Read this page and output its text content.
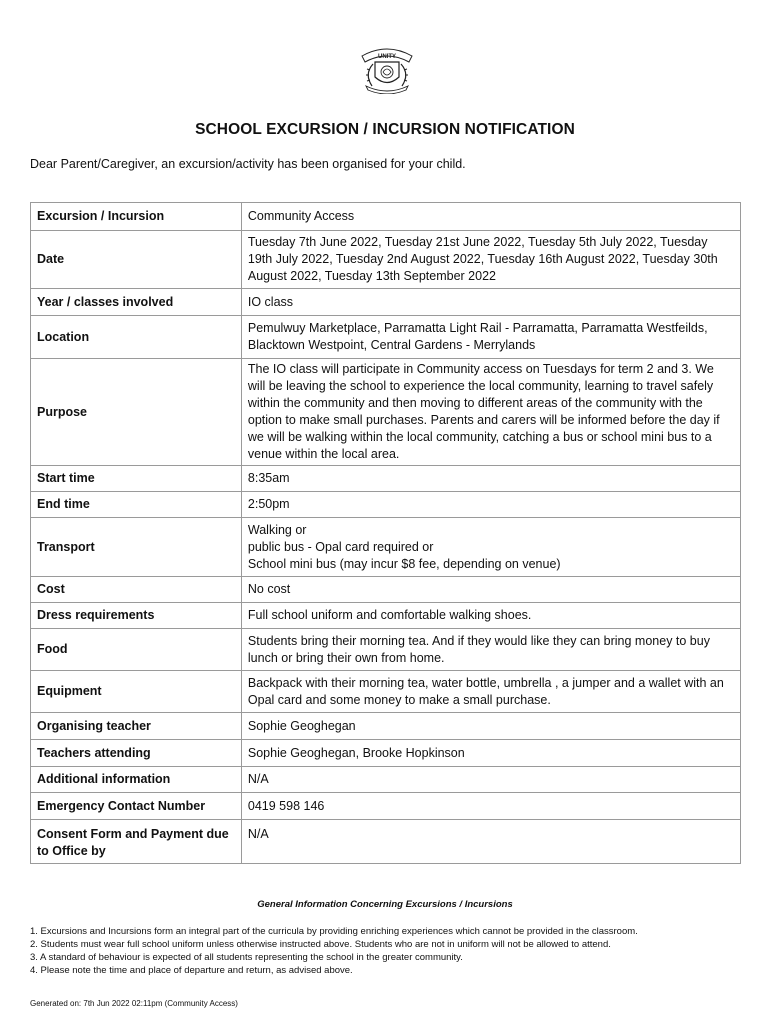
UNITY
SCHOOL EXCURSION / INCURSION NOTIFICATION
Dear Parent/Caregiver, an excursion/activity has been organised for your child.
Excursion / Incursion	Community Access
Date	Tuesday 7th June 2022, Tuesday 21st June 2022, Tuesday 5th July 2022, Tuesday 19th July 2022, Tuesday 2nd August 2022, Tuesday 16th August 2022, Tuesday 30th August 2022, Tuesday 13th September 2022
Year / classes involved	IO class
Location	Pemulwuy Marketplace, Parramatta Light Rail - Parramatta, Parramatta Westfeilds, Blacktown Westpoint, Central Gardens - Merrylands
Purpose	The IO class will participate in Community access on Tuesdays for term 2 and 3. We will be leaving the school to experience the local community, learning to travel safely within the community and then moving to different areas of the community with the option to make small purchases. Parents and carers will be informed before the day if we will be walking within the local community, catching a bus or school mini bus to a venue within the local area.
Start time	8:35am
End time	2:50pm
Transport	Walking or
public bus - Opal card required or
School mini bus (may incur $8 fee, depending on venue)

Cost	No cost
Dress requirements	Full school uniform and comfortable walking shoes.
Food	Students bring their morning tea. And if they would like they can bring money to buy lunch or bring their own from home.
Equipment	Backpack with their morning tea, water bottle, umbrella , a jumper and a wallet with an Opal card and some money to make a small purchase.
Organising teacher	Sophie Geoghegan
Teachers attending	Sophie Geoghegan, Brooke Hopkinson
Additional information	N/A
Emergency Contact Number	0419 598 146
Consent Form and Payment due to Office by	N/A
General Information Concerning Excursions / Incursions
1. Excursions and Incursions form an integral part of the curricula by providing enriching experiences which cannot be provided in the classroom.
2. Students must wear full school uniform unless otherwise instructed above. Students who are not in uniform will not be allowed to attend.
3. A standard of behaviour is expected of all students representing the school in the greater community.
4. Please note the time and place of departure and return, as advised above.
Generated on: 7th Jun 2022 02:11pm (Community Access)
